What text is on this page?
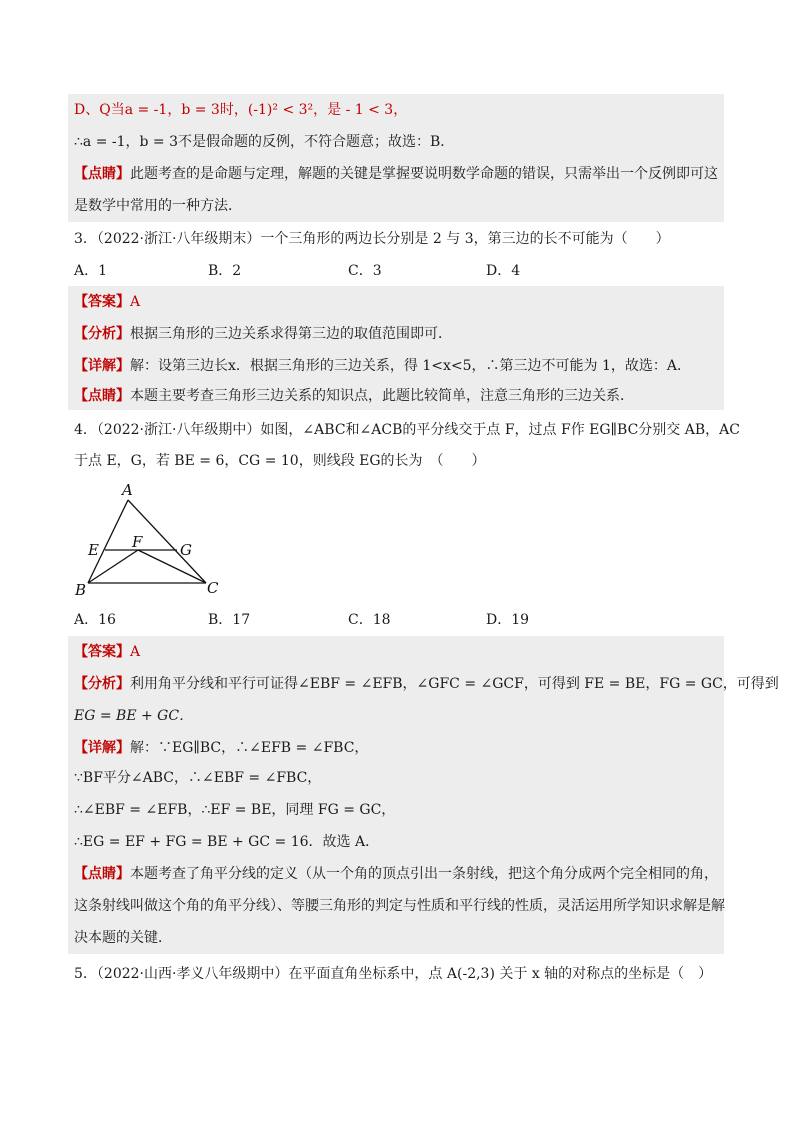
D、Q当a = -1，b = 3时，(-1)² < 3²，是 - 1 < 3，
∴a = -1，b = 3不是假命题的反例，不符合题意；故选：B．
【点睛】此题考查的是命题与定理，解题的关键是掌握要说明数学命题的错误，只需举出一个反例即可这
是数学中常用的一种方法．
3．（2022·浙江·八年级期末）一个三角形的两边长分别是 2 与 3，第三边的长不可能为（　　）
A．1	B．2	C．3	D．4
【答案】A
【分析】根据三角形的三边关系求得第三边的取值范围即可．
【详解】解：设第三边长x．根据三角形的三边关系，得 1<x<5，∴第三边不可能为 1，故选：A．
【点睛】本题主要考查三角形三边关系的知识点，此题比较简单，注意三角形的三边关系．
4．（2022·浙江·八年级期中）如图，∠ABC和∠ACB的平分线交于点 F，过点 F作 EG∥BC分别交 AB，AC
于点 E，G，若 BE = 6，CG = 10，则线段 EG的长为　（　　）
A
E F	G
B	C
A．16	B．17	C．18	D．19
【答案】A
【分析】利用角平分线和平行可证得∠EBF = ∠EFB，∠GFC = ∠GCF，可得到 FE = BE，FG = GC，可得到
EG = BE + GC．
【详解】解：∵EG∥BC，∴∠EFB = ∠FBC，
∵BF平分∠ABC，∴∠EBF = ∠FBC，
∴∠EBF = ∠EFB，∴EF = BE，同理 FG = GC，
∴EG = EF + FG = BE + GC = 16．故选 A．
【点睛】本题考查了角平分线的定义（从一个角的顶点引出一条射线，把这个角分成两个完全相同的角，
这条射线叫做这个角的角平分线）、等腰三角形的判定与性质和平行线的性质，灵活运用所学知识求解是解
决本题的关键．
5．（2022·山西·孝义八年级期中）在平面直角坐标系中，点 A(-2,3) 关于 x 轴的对称点的坐标是（　）
